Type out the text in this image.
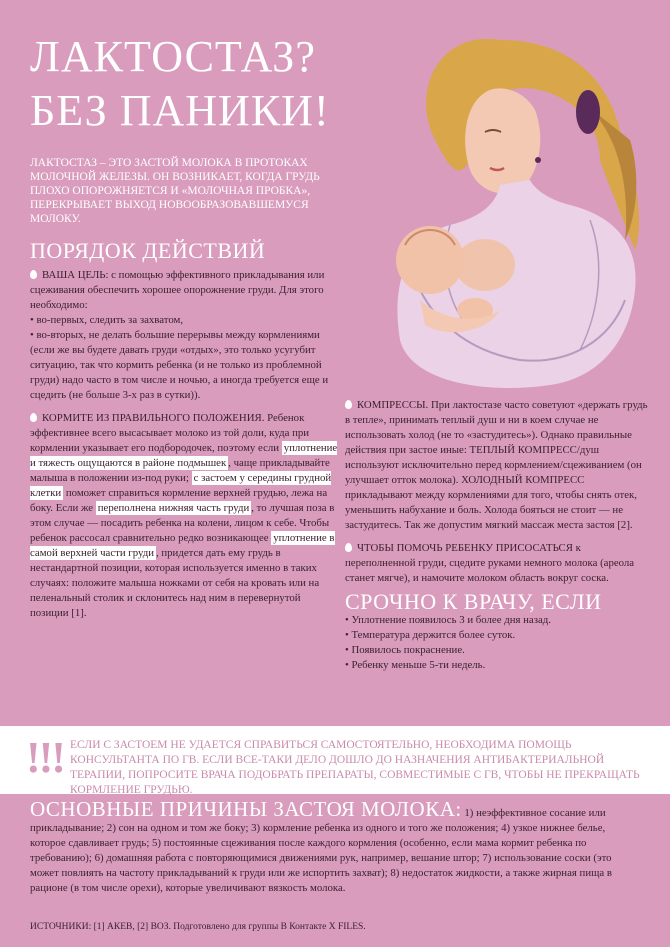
ЛАКТОСТАЗ?
БЕЗ ПАНИКИ!

ЛАКТОСТАЗ – ЭТО ЗАСТОЙ МОЛОКА В ПРОТОКАХ МОЛОЧНОЙ ЖЕЛЕЗЫ. ОН ВОЗНИКАЕТ, КОГДА ГРУДЬ ПЛОХО ОПОРОЖНЯЕТСЯ И «МОЛОЧНАЯ ПРОБКА», ПЕРЕКРЫВАЕТ ВЫХОД НОВООБРАЗОВАВШЕМУСЯ МОЛОКУ.

ПОРЯДОК ДЕЙСТВИЙ

ВАША ЦЕЛЬ: с помощью эффективного прикладывания или сцеживания обеспечить хорошее опорожнение груди. Для этого необходимо:

• во-первых, следить за захватом,
• во-вторых, не делать большие перерывы между кормлениями (если же вы будете давать груди «отдых», это только усугубит ситуацию, так что кормить ребенка (и не только из проблемной груди) надо часто в том числе и ночью, а иногда требуется еще и сцедить (не больше 3-х раз в сутки)).

КОРМИТЕ ИЗ ПРАВИЛЬНОГО ПОЛОЖЕНИЯ. Ребенок эффективнее всего высасывает молоко из той доли, куда при кормлении указывает его подбородочек, поэтому если уплотнение и тяжесть ощущаются в районе подмышек , чаще прикладывайте малыша в положении из-под руки; с застоем у середины грудной клетки поможет справиться кормление верхней грудью, лежа на боку. Если же переполнена нижняя часть груди , то лучшая поза в этом случае — посадить ребенка на колени, лицом к себе. Чтобы ребенок рассосал сравнительно редко возникающее уплотнение в самой верхней части груди , придется дать ему грудь в нестандартной позиции, которая используется именно в таких случаях: положите малыша ножками от себя на кровать или на пеленальный столик и склонитесь над ним в перевернутой позиции [1].

КОМПРЕССЫ. При лактостазе часто советуют «держать грудь в тепле», принимать теплый душ и ни в коем случае не использовать холод (не то «застудитесь»). Однако правильные действия при застое иные: ТЕПЛЫЙ КОМПРЕСС/душ используют исключительно перед кормлением/сцеживанием (он улучшает отток молока). ХОЛОДНЫЙ КОМПРЕСС прикладывают между кормлениями для того, чтобы снять отек, уменьшить набухание и боль. Холода бояться не стоит — не застудитесь. Так же допустим мягкий массаж места застоя [2].

ЧТОБЫ ПОМОЧЬ РЕБЕНКУ ПРИСОСАТЬСЯ к переполненной груди, сцедите руками немного молока (ареола станет мягче), и намочите молоком область вокруг соска.

СРОЧНО К ВРАЧУ, ЕСЛИ
• Уплотнение появилось 3 и более дня назад.
• Температура держится более суток.
• Появилось покраснение.
• Ребенку меньше 5-ти недель.
!!! ЕСЛИ С ЗАСТОЕМ НЕ УДАЕТСЯ СПРАВИТЬСЯ САМОСТОЯТЕЛЬНО, НЕОБХОДИМА ПОМОЩЬ КОНСУЛЬТАНТА ПО ГВ. ЕСЛИ ВСЕ-ТАКИ ДЕЛО ДОШЛО ДО НАЗНАЧЕНИЯ АНТИБАКТЕРИАЛЬНОЙ ТЕРАПИИ, ПОПРОСИТЕ ВРАЧА ПОДОБРАТЬ ПРЕПАРАТЫ, СОВМЕСТИМЫЕ С ГВ, ЧТОБЫ НЕ ПРЕКРАЩАТЬ КОРМЛЕНИЕ ГРУДЬЮ.

ОСНОВНЫЕ ПРИЧИНЫ ЗАСТОЯ МОЛОКА: 1) неэффективное сосание или прикладывание; 2) сон на одном и том же боку; 3) кормление ребенка из одного и того же положения; 4) узкое нижнее белье, которое сдавливает грудь; 5) постоянные сцеживания после каждого кормления (особенно, если мама кормит ребенка по требованию); 6) домашняя работа с повторяющимися движениями рук, например, вешание штор; 7) использование соски (это может повлиять на частоту прикладываний к груди или же испортить захват); 8) недостаток жидкости, а также жирная пища в рационе (в том числе орехи), которые увеличивают вязкость молока.

ИСТОЧНИКИ: [1] АКЕВ, [2] ВОЗ. Подготовлено для группы В Контакте X FILES.
